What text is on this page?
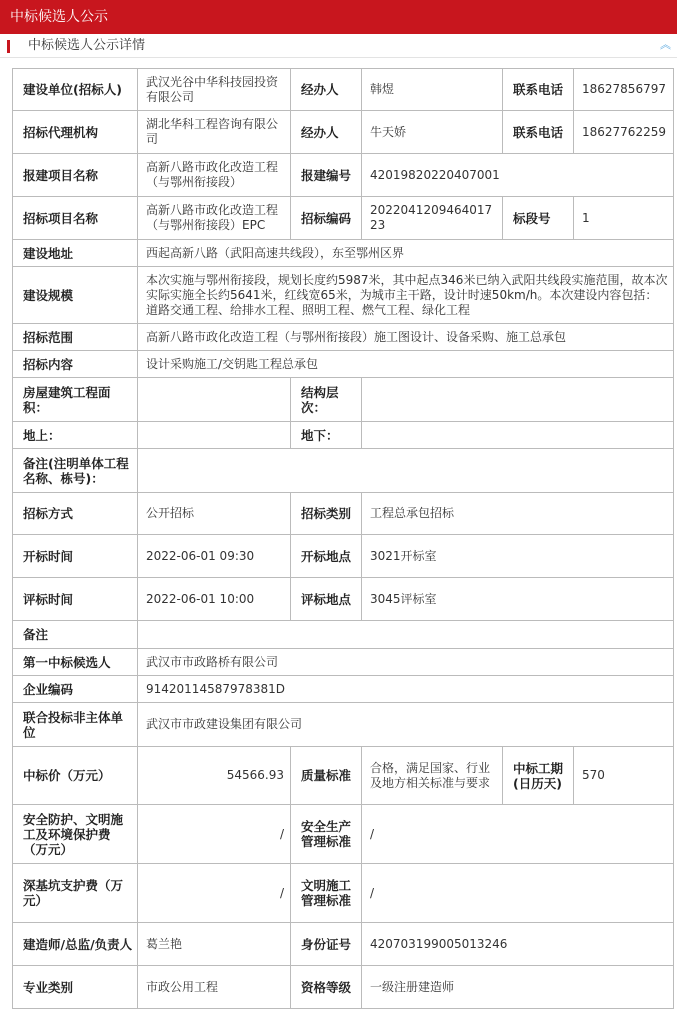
中标候选人公示
中标候选人公示详情	︽
建设单位(招标人)	武汉光谷中华科技园投资有限公司	经办人	韩煜	联系电话	18627856797
招标代理机构	湖北华科工程咨询有限公司	经办人	牛天娇	联系电话	18627762259
报建项目名称	高新八路市政化改造工程（与鄂州衔接段）	报建编号	42019820220407001		
招标项目名称	高新八路市政化改造工程（与鄂州衔接段）EPC	招标编码	202204120946401723	标段号	1
建设地址	西起高新八路（武阳高速共线段），东至鄂州区界				
建设规模	本次实施与鄂州衔接段，规划长度约5987米，其中起点346米已纳入武阳共线段实施范围，故本次实际实施全长约5641米，红线宽65米，为城市主干路，设计时速50km/h。本次建设内容包括：道路交通工程、给排水工程、照明工程、燃气工程、绿化工程				
招标范围	高新八路市政化改造工程（与鄂州衔接段）施工图设计、设备采购、施工总承包				
招标内容	设计采购施工/交钥匙工程总承包				
房屋建筑工程面积：		结构层次：			
地上：		地下：			
备注(注明单体工程名称、栋号)：					
招标方式	公开招标	招标类别	工程总承包招标		
开标时间	2022-06-01 09:30	开标地点	3021开标室		
评标时间	2022-06-01 10:00	评标地点	3045评标室		
备注					
第一中标候选人	武汉市市政路桥有限公司				
企业编码	91420114587978381D				
联合投标非主体单位	武汉市市政建设集团有限公司				
中标价（万元）	54566.93	质量标准	合格，满足国家、行业及地方相关标准与要求	中标工期(日历天)	570
安全防护、文明施工及环境保护费（万元）	/	安全生产管理标准	/		
深基坑支护费（万元）	/	文明施工管理标准	/		
建造师/总监/负责人	葛兰艳	身份证号	420703199005013246		
专业类别	市政公用工程	资格等级	一级注册建造师		
